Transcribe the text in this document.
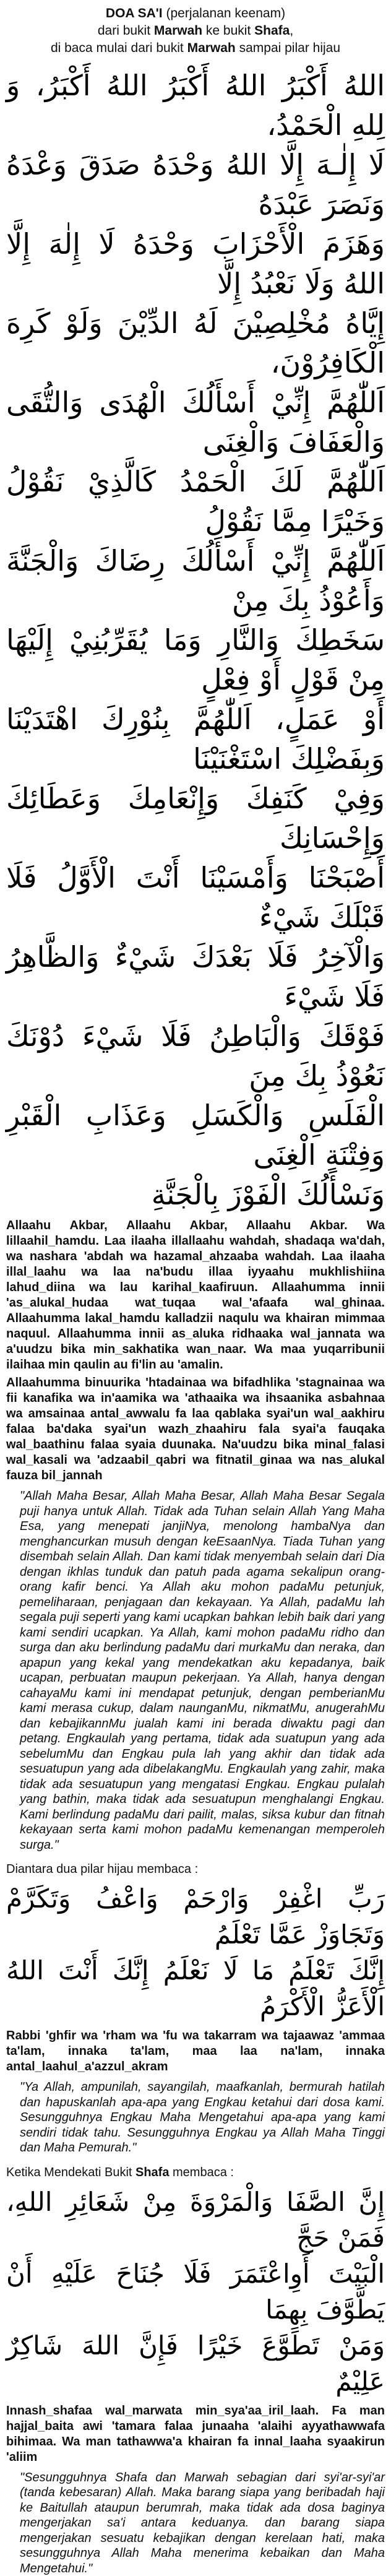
DOA SA'I (perjalanan keenam)
dari bukit Marwah ke bukit Shafa,
di baca mulai dari bukit Marwah sampai pilar hijau
اللهُ أَكْبَرُ اللهُ أَكْبَرُ اللهُ أَكْبَرُ، وَ لِلهِ الْحَمْدُ،
لَا إِلٰـهَ إِلَّا اللهُ وَحْدَهُ صَدَقَ وَعْدَهُ وَنَصَرَ عَبْدَهُ
وَهَزَمَ الْأَحْزَابَ وَحْدَهُ لَا إِلٰهَ إِلَّا اللهُ وَلَا نَعْبُدُ إِلَّا
إِيَّاهُ مُخْلِصِيْنَ لَهُ الدِّيْنَ وَلَوْ كَرِهَ الْكَافِرُوْنَ،
اَللّٰهُمَّ إِنِّيْ أَسْأَلُكَ الْهُدَى وَالتُّقَى وَالْعَفَافَ وَالْغِنَى
اَللّٰهُمَّ لَكَ الْحَمْدُ كَالَّذِيْ نَقُوْلُ وَخَيْرًا مِمَّا نَقُوْلُ
اَللّٰهُمَّ إِنِّيْ أَسْأَلُكَ رِضَاكَ وَالْجَنَّةَ وَأَعُوْذُ بِكَ مِنْ
سَخَطِكَ وَالنَّارِ وَمَا يُقَرِّبُنِيْ إِلَيْهَا مِنْ قَوْلٍ أَوْ فِعْلٍ
أَوْ عَمَلٍ، اَللّٰهُمَّ بِنُوْرِكَ اهْتَدَيْنَا وَبِفَضْلِكَ اسْتَغْنَيْنَا
وَفِيْ كَنَفِكَ وَإِنْعَامِكَ وَعَطَائِكَ وَإِحْسَانِكَ
أَصْبَحْنَا وَأَمْسَيْنَا أَنْتَ الْأَوَّلُ فَلَا قَبْلَكَ شَيْءٌ
وَالْآخِرُ فَلَا بَعْدَكَ شَيْءٌ وَالظَّاهِرُ فَلَا شَيْءَ
فَوْقَكَ وَالْبَاطِنُ فَلَا شَيْءَ دُوْنَكَ نَعُوْذُ بِكَ مِنَ
الْفَلَسِ وَالْكَسَلِ وَعَذَابِ الْقَبْرِ وَفِتْنَةِ الْغِنَى
وَنَسْأَلُكَ الْفَوْزَ بِالْجَنَّةِ

Allaahu Akbar, Allaahu Akbar, Allaahu Akbar. Wa lillaahil_hamdu. Laa ilaaha illallaahu wahdah, shadaqa wa'dah, wa nashara 'abdah wa hazamal_ahzaaba wahdah. Laa ilaaha illal_laahu wa laa na'budu illaa iyyaahu mukhlishiina lahud_diina wa lau karihal_kaafiruun. Allaahumma innii 'as_alukal_hudaa wat_tuqaa wal_'afaafa wal_ghinaa. Allaahumma lakal_hamdu kalladzii naqulu wa khairan mimmaa naquul. Allaahumma innii as_aluka ridhaaka wal_jannata wa a'uudzu bika min_sakhatika wan_naar. Wa maa yuqarribunii ilaihaa min qaulin au fi'lin au 'amalin.

Allaahumma binuurika 'htadainaa wa bifadhlika 'stagnainaa wa fii kanafika wa in'aamika wa 'athaaika wa ihsaanika asbahnaa wa amsainaa antal_awwalu fa laa qablaka syai'un wal_aakhiru falaa ba'daka syai'un wazh_zhaahiru fala syai'a fauqaka wal_baathinu falaa syaia duunaka. Na'uudzu bika minal_falasi wal_kasali wa 'adzaabil_qabri wa fitnatil_ginaa wa nas_alukal fauza bil_jannah

"Allah Maha Besar, Allah Maha Besar, Allah Maha Besar Segala puji hanya untuk Allah. Tidak ada Tuhan selain Allah Yang Maha Esa, yang menepati janjiNya, menolong hambaNya dan menghancurkan musuh dengan keEsaanNya. Tiada Tuhan yang disembah selain Allah. Dan kami tidak menyembah selain dari Dia dengan ikhlas tunduk dan patuh pada agama sekalipun orang-orang kafir benci. Ya Allah aku mohon padaMu petunjuk, pemeliharaan, penjagaan dan kekayaan. Ya Allah, padaMu lah segala puji seperti yang kami ucapkan bahkan lebih baik dari yang kami sendiri ucapkan. Ya Allah, kami mohon padaMu ridho dan surga dan aku berlindung padaMu dari murkaMu dan neraka, dan apapun yang kekal yang mendekatkan aku kepadanya, baik ucapan, perbuatan maupun pekerjaan. Ya Allah, hanya dengan cahayaMu kami ini mendapat petunjuk, dengan pemberianMu kami merasa cukup, dalam naunganMu, nikmatMu, anugerahMu dan kebajikannMu jualah kami ini berada diwaktu pagi dan petang. Engkaulah yang pertama, tidak ada suatupun yang ada sebelumMu dan Engkau pula lah yang akhir dan tidak ada sesuatupun yang ada dibelakangMu. Engkaulah yang zahir, maka tidak ada sesuatupun yang mengatasi Engkau. Engkau pulalah yang bathin, maka tidak ada sesuatupun menghalangi Engkau. Kami berlindung padaMu dari pailit, malas, siksa kubur dan fitnah kekayaan serta kami mohon padaMu kemenangan memperoleh surga."

Diantara dua pilar hijau membaca :
رَبِّ اغْفِرْ وَارْحَمْ وَاعْفُ وَتَكَرَّمْ وَتَجَاوَزْ عَمَّا تَعْلَمُ
إِنَّكَ تَعْلَمُ مَا لَا نَعْلَمُ إِنَّكَ أَنْتَ اللهُ الْأَعَزُّ الْأَكْرَمُ

Rabbi 'ghfir wa 'rham wa 'fu wa takarram wa tajaawaz 'ammaa ta'lam, innaka ta'lam, maa laa na'lam, innaka antal_laahul_a'azzul_akram

"Ya Allah, ampunilah, sayangilah, maafkanlah, bermurah hatilah dan hapuskanlah apa-apa yang Engkau ketahui dari dosa kami. Sesungguhnya Engkau Maha Mengetahui apa-apa yang kami sendiri tidak tahu. Sesungguhnya Engkau ya Allah Maha Tinggi dan Maha Pemurah."

Ketika Mendekati Bukit Shafa membaca :
إِنَّ الصَّفَا وَالْمَرْوَةَ مِنْ شَعَائِرِ اللهِ، فَمَنْ حَجَّ
الْبَيْتَ أَوِاعْتَمَرَ فَلَا جُنَاحَ عَلَيْهِ أَنْ يَطَّوَّفَ بِهِمَا
وَمَنْ تَطَوَّعَ خَيْرًا فَإِنَّ اللهَ شَاكِرٌ عَلِيْمٌ

Innash_shafaa wal_marwata min_sya'aa_iril_laah. Fa man hajjal_baita awi 'tamara falaa junaaha 'alaihi ayyathawwafa bihimaa. Wa man tathawwa'a khairan fa innal_laaha syaakirun 'aliim

"Sesungguhnya Shafa dan Marwah sebagian dari syi'ar-syi'ar (tanda kebesaran) Allah. Maka barang siapa yang beribadah haji ke Baitullah ataupun berumrah, maka tidak ada dosa baginya mengerjakan sa'i antara keduanya. dan barang siapa mengerjakan sesuatu kebajikan dengan kerelaan hati, maka sesungguhnya Allah Maha menerima kebaikan dan Maha Mengetahui."
